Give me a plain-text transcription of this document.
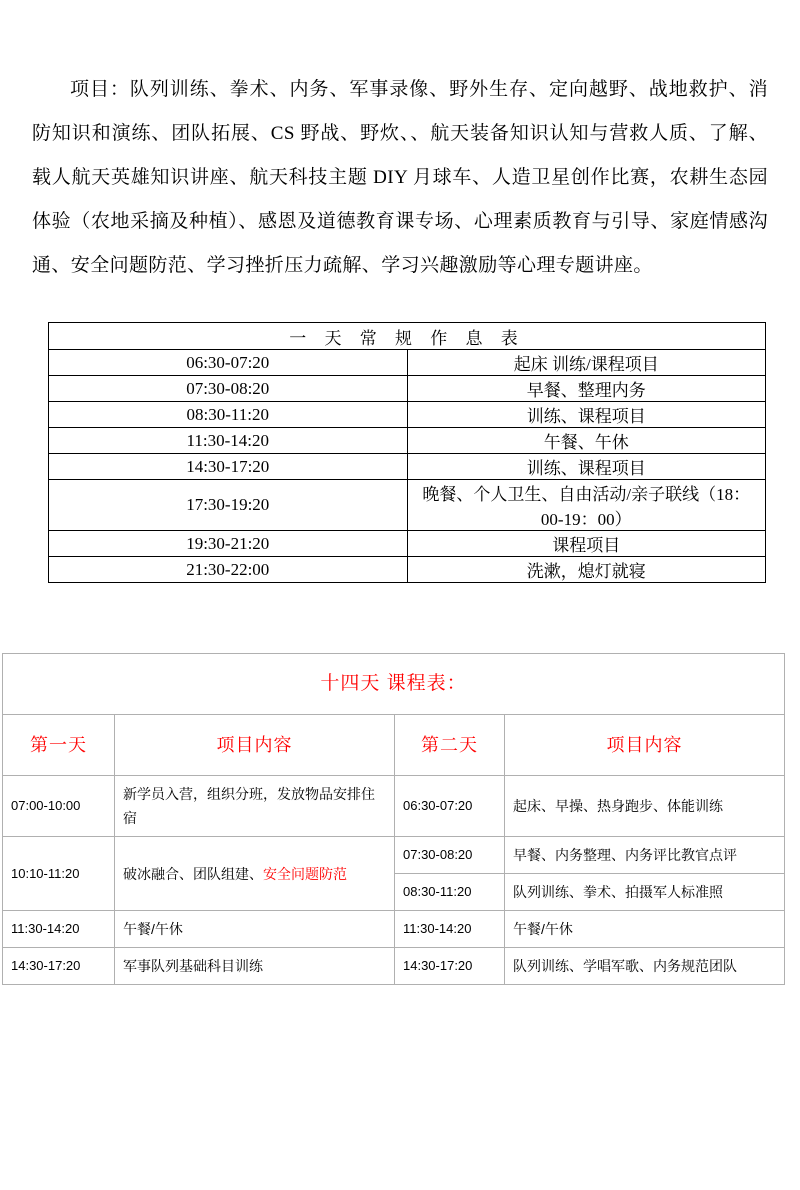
项目：队列训练、拳术、内务、军事录像、野外生存、定向越野、战地救护、消防知识和演练、团队拓展、CS 野战、野炊、、航天装备知识认知与营救人质、了解、载人航天英雄知识讲座、航天科技主题 DIY 月球车、人造卫星创作比赛，农耕生态园体验（农地采摘及种植）、感恩及道德教育课专场、心理素质教育与引导、家庭情感沟通、安全问题防范、学习挫折压力疏解、学习兴趣激励等心理专题讲座。

一 天 常 规 作 息 表	
06:30-07:20	起床 训练/课程项目
07:30-08:20	早餐、整理内务
08:30-11:20	训练、课程项目
11:30-14:20	午餐、午休
14:30-17:20	训练、课程项目
17:30-19:20	晚餐、个人卫生、自由活动/亲子联线（18：00-19：00）
19:30-21:20	课程项目
21:30-22:00	洗漱，熄灯就寝
十四天 课程表：			
第一天	项目内容	第二天	项目内容
07:00-10:00	新学员入营，组织分班，发放物品安排住宿	06:30-07:20	起床、早操、热身跑步、体能训练
10:10-11:20	破冰融合、团队组建、安全问题防范	07:30-08:20	早餐、内务整理、内务评比教官点评
		08:30-11:20	队列训练、拳术、拍摄军人标准照
11:30-14:20	午餐/午休	11:30-14:20	午餐/午休
14:30-17:20	军事队列基础科目训练	14:30-17:20	队列训练、学唱军歌、内务规范团队
